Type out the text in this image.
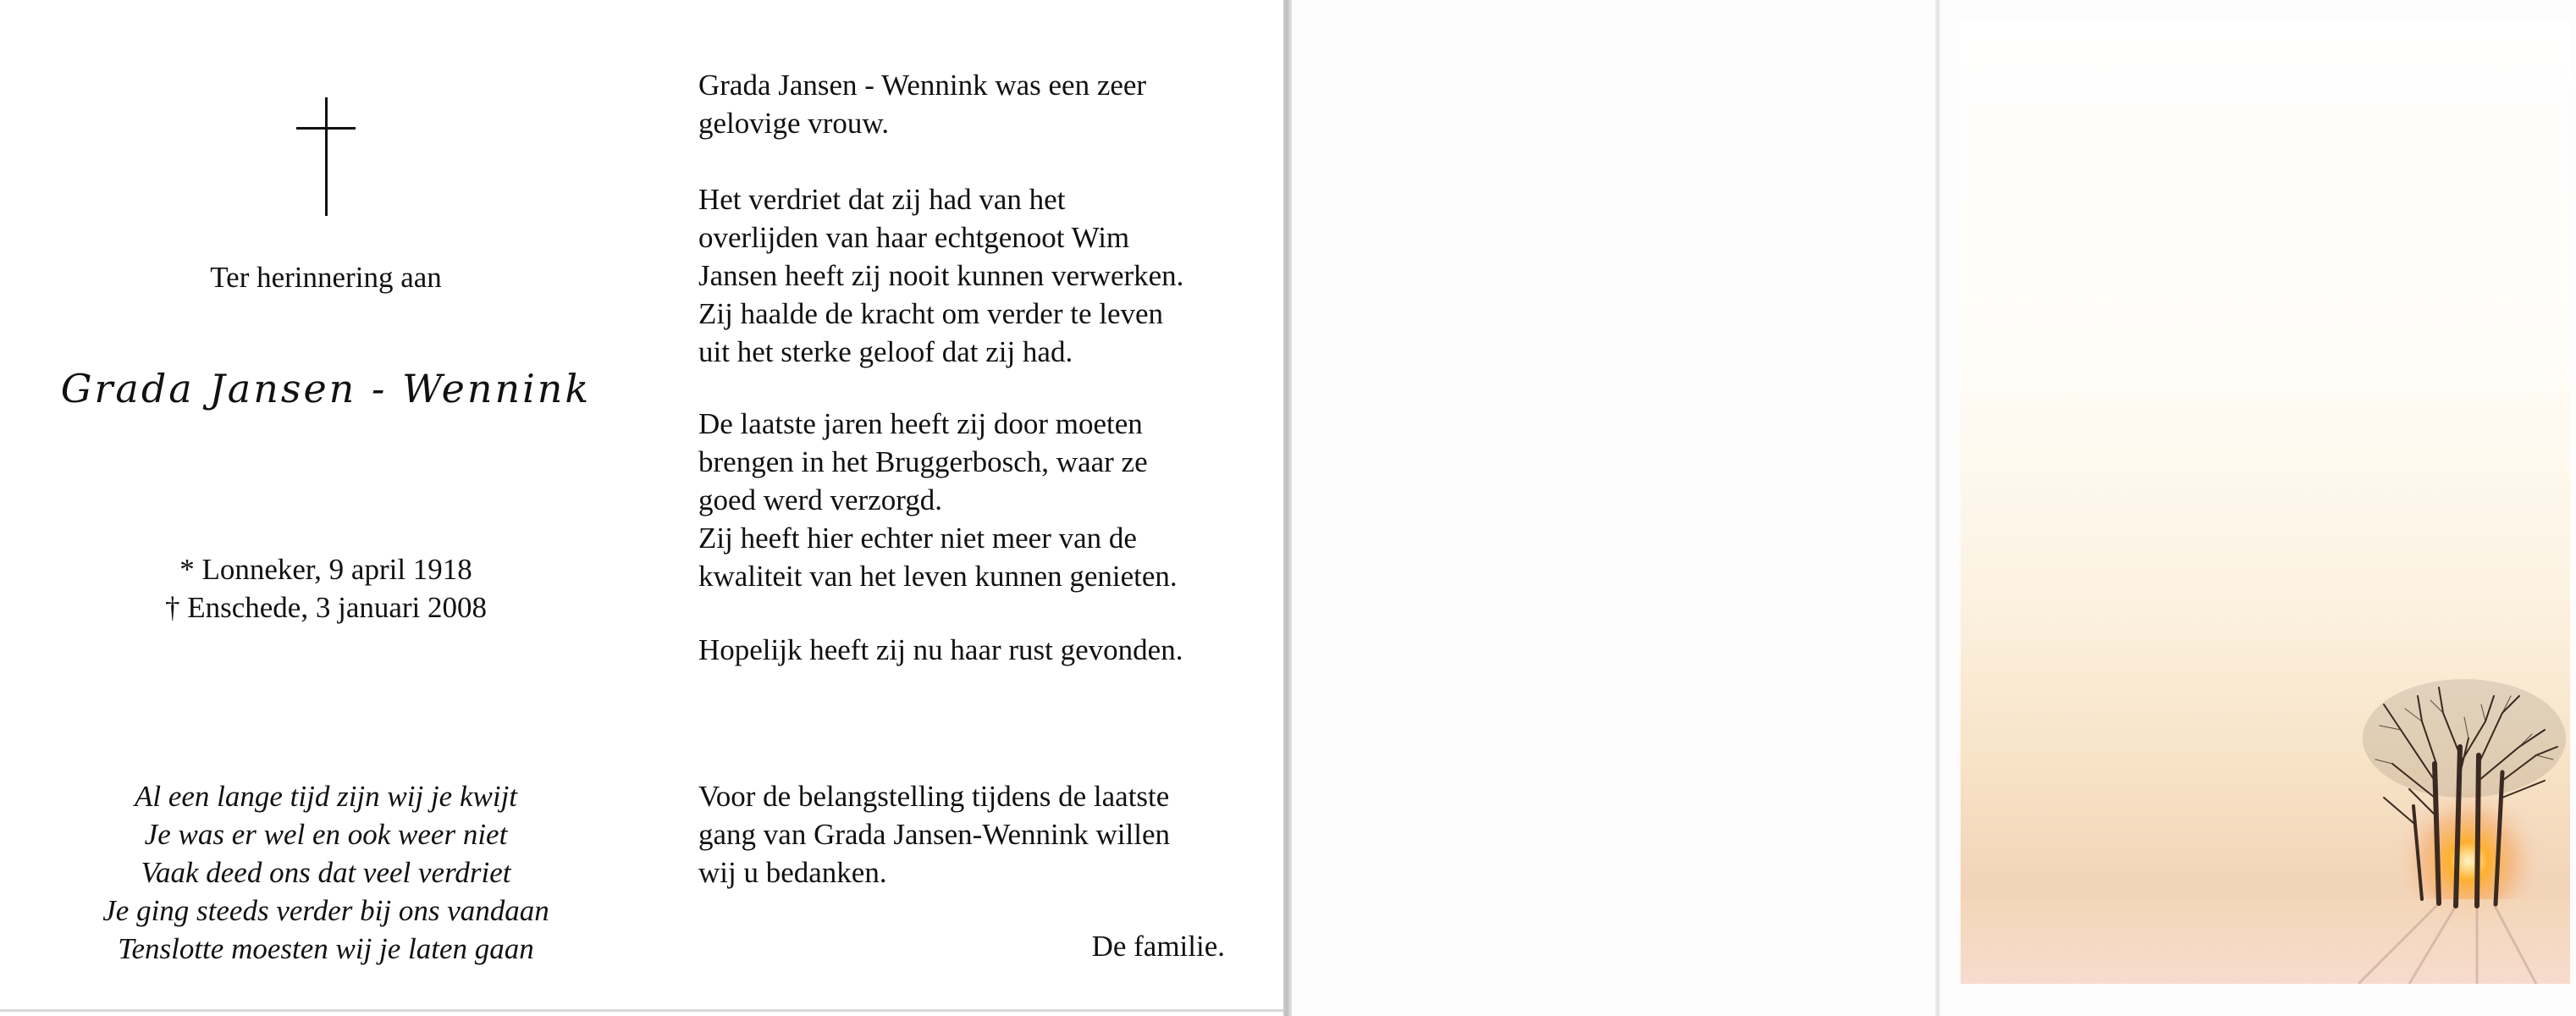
Ter herinnering aan
Grada Jansen - Wennink
* Lonneker, 9 april 1918
† Enschede, 3 januari 2008
Al een lange tijd zijn wij je kwijt
Je was er wel en ook weer niet
Vaak deed ons dat veel verdriet
Je ging steeds verder bij ons vandaan
Tenslotte moesten wij je laten gaan
Grada Jansen - Wennink was een zeer
gelovige vrouw.
Het verdriet dat zij had van het
overlijden van haar echtgenoot Wim
Jansen heeft zij nooit kunnen verwerken.
Zij haalde de kracht om verder te leven
uit het sterke geloof dat zij had.
De laatste jaren heeft zij door moeten
brengen in het Bruggerbosch, waar ze
goed werd verzorgd.
Zij heeft hier echter niet meer van de
kwaliteit van het leven kunnen genieten.
Hopelijk heeft zij nu haar rust gevonden.
Voor de belangstelling tijdens de laatste
gang van Grada Jansen-Wennink willen
wij u bedanken.
De familie.
